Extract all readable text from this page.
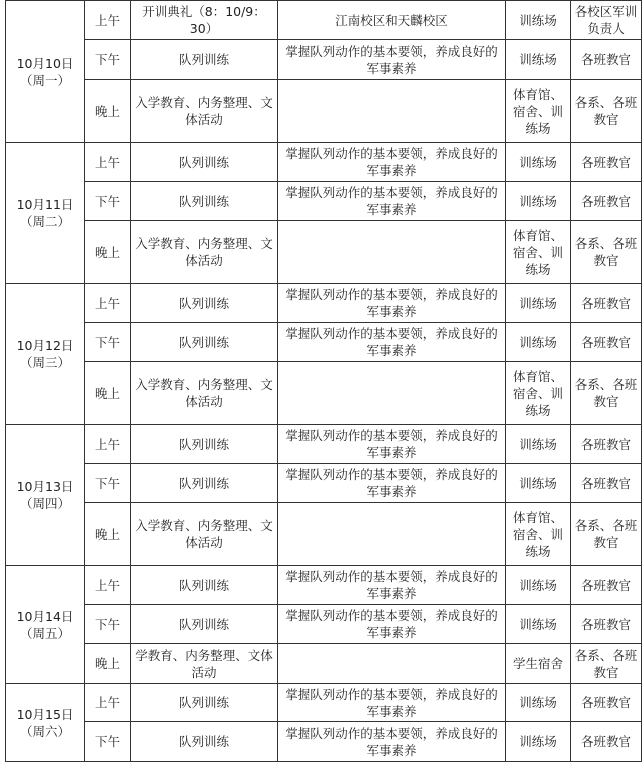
10月10日（周一）	上午	开训典礼（8：10/9：30）	江南校区和天麟校区	训练场	各校区军训负责人
	下午	队列训练	掌握队列动作的基本要领，养成良好的军事素养	训练场	各班教官
	晚上	入学教育、内务整理、文体活动		体育馆、宿舍、训练场	各系、各班教官
10月11日（周二）	上午	队列训练	掌握队列动作的基本要领，养成良好的军事素养	训练场	各班教官
	下午	队列训练	掌握队列动作的基本要领，养成良好的军事素养	训练场	各班教官
	晚上	入学教育、内务整理、文体活动		体育馆、宿舍、训练场	各系、各班教官
10月12日（周三）	上午	队列训练	掌握队列动作的基本要领，养成良好的军事素养	训练场	各班教官
	下午	队列训练	掌握队列动作的基本要领，养成良好的军事素养	训练场	各班教官
	晚上	入学教育、内务整理、文体活动		体育馆、宿舍、训练场	各系、各班教官
10月13日（周四）	上午	队列训练	掌握队列动作的基本要领，养成良好的军事素养	训练场	各班教官
	下午	队列训练	掌握队列动作的基本要领，养成良好的军事素养	训练场	各班教官
	晚上	入学教育、内务整理、文体活动		体育馆、宿舍、训练场	各系、各班教官
10月14日（周五）	上午	队列训练	掌握队列动作的基本要领，养成良好的军事素养	训练场	各班教官
	下午	队列训练	掌握队列动作的基本要领，养成良好的军事素养	训练场	各班教官
	晚上	学教育、内务整理、文体活动		学生宿舍	各系、各班教官
10月15日（周六）	上午	队列训练	掌握队列动作的基本要领，养成良好的军事素养	训练场	各班教官
	下午	队列训练	掌握队列动作的基本要领，养成良好的军事素养	训练场	各班教官
